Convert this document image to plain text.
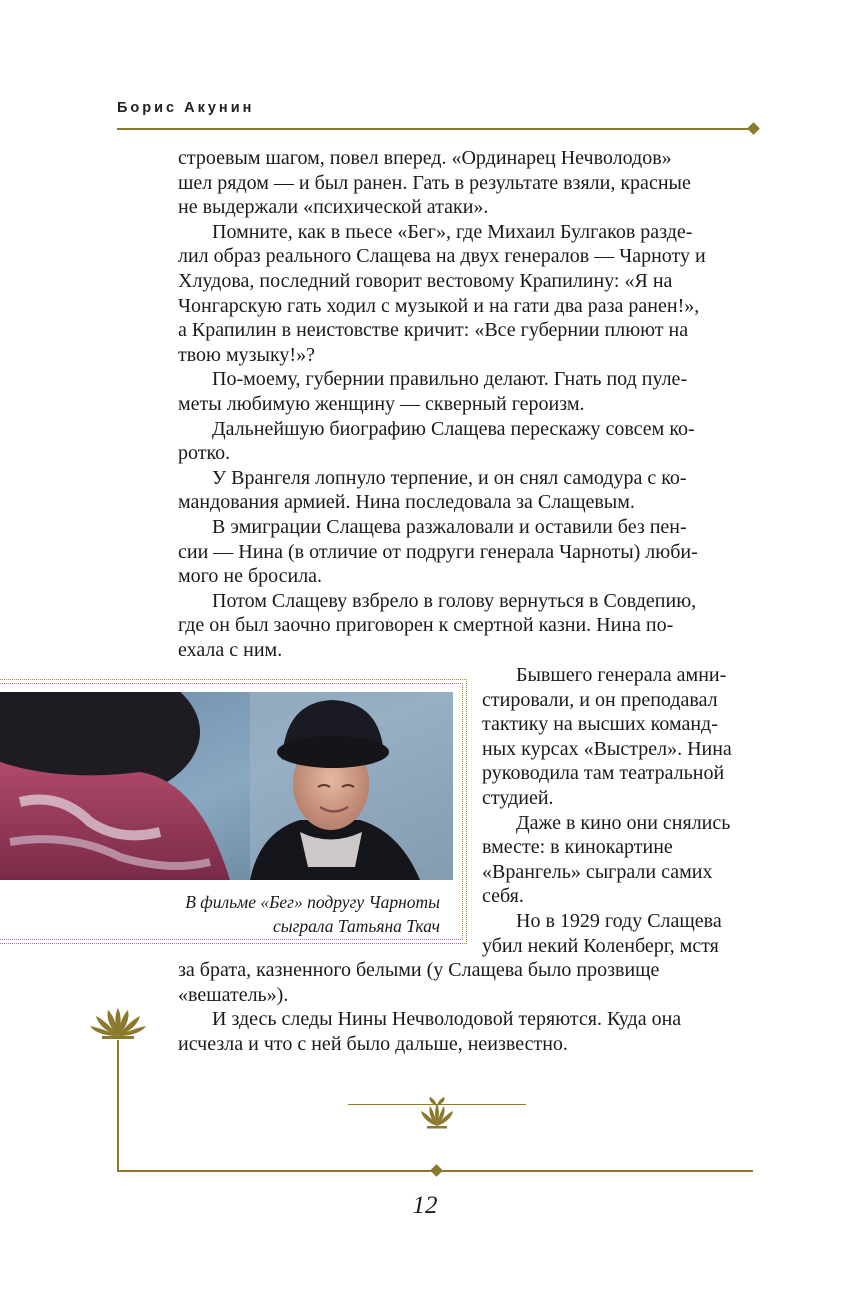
Борис Акунин

строевым шагом, повел вперед. «Ординарец Нечволодов»

шел рядом — и был ранен. Гать в результате взяли, красные

не выдержали «психической атаки».

Помните, как в пьесе «Бег», где Михаил Булгаков разде-

лил образ реального Слащева на двух генералов — Чарноту и

Хлудова, последний говорит вестовому Крапилину: «Я на

Чонгарскую гать ходил с музыкой и на гати два раза ранен!»,

а Крапилин в неистовстве кричит: «Все губернии плюют на

твою музыку!»?

По-моему, губернии правильно делают. Гнать под пуле-

меты любимую женщину — скверный героизм.

Дальнейшую биографию Слащева перескажу совсем ко-

ротко.

У Врангеля лопнуло терпение, и он снял самодура с ко-

мандования армией. Нина последовала за Слащевым.

В эмиграции Слащева разжаловали и оставили без пен-

сии — Нина (в отличие от подруги генерала Чарноты) люби-

мого не бросила.

Потом Слащеву взбрело в голову вернуться в Совдепию,

где он был заочно приговорен к смертной казни. Нина по-

ехала с ним.

В фильме «Бег» подругу Чарноты
сыграла Татьяна Ткач

Бывшего генерала амни-

стировали, и он преподавал

тактику на высших команд-

ных курсах «Выстрел». Нина

руководила там театральной

студией.

Даже в кино они снялись

вместе: в кинокартине

«Врангель» сыграли самих

себя.

Но в 1929 году Слащева

убил некий Коленберг, мстя

за брата, казненного белыми (у Слащева было прозвище

«вешатель»).

И здесь следы Нины Нечволодовой теряются. Куда она

исчезла и что с ней было дальше, неизвестно.

12
